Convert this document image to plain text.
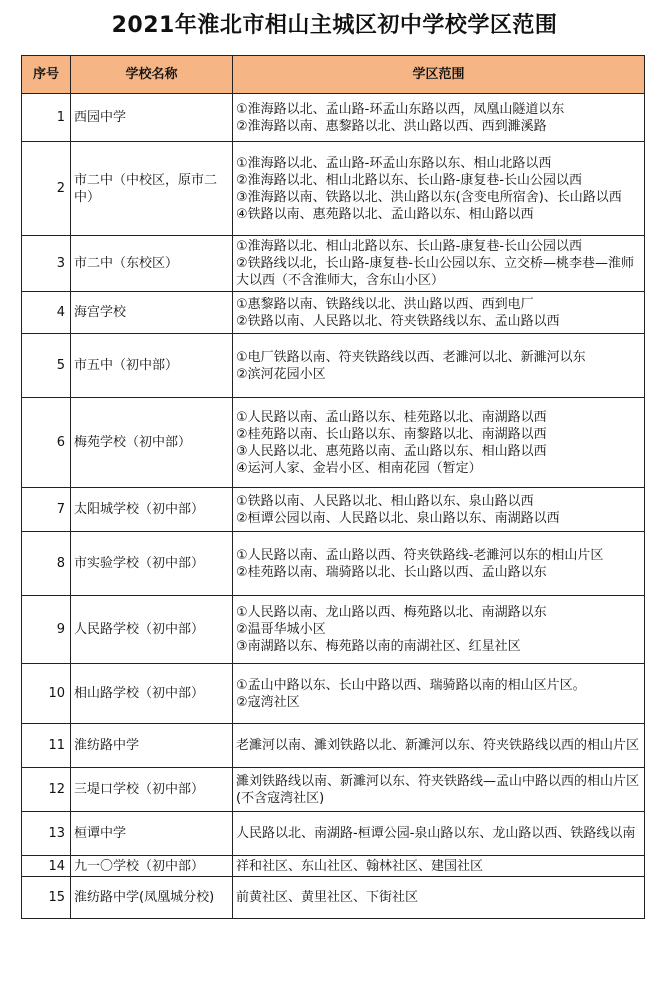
2021年淮北市相山主城区初中学校学区范围
序号	学校名称	学区范围
1	西园中学	①淮海路以北、孟山路-环孟山东路以西，凤凰山隧道以东
②淮海路以南、惠黎路以北、洪山路以西、西到濉溪路

2	市二中（中校区，原市二中）	①淮海路以北、孟山路-环孟山东路以东、相山北路以西
②淮海路以北、相山北路以东、长山路-康复巷-长山公园以西
③淮海路以南、铁路以北、洪山路以东(含变电所宿舍)、长山路以西
④铁路以南、惠苑路以北、孟山路以东、相山路以西

3	市二中（东校区）	①淮海路以北、相山北路以东、长山路-康复巷-长山公园以西
②铁路线以北，长山路-康复巷-长山公园以东、立交桥—桃李巷—淮师大以西（不含淮师大，含东山小区）

4	海宫学校	①惠黎路以南、铁路线以北、洪山路以西、西到电厂
②铁路以南、人民路以北、符夹铁路线以东、孟山路以西

5	市五中（初中部）	①电厂铁路以南、符夹铁路线以西、老濉河以北、新濉河以东
②滨河花园小区

6	梅苑学校（初中部）	①人民路以南、孟山路以东、桂苑路以北、南湖路以西
②桂苑路以南、长山路以东、南黎路以北、南湖路以西
③人民路以北、惠苑路以南、孟山路以东、相山路以西
④运河人家、金岩小区、相南花园（暂定）

7	太阳城学校（初中部）	①铁路以南、人民路以北、相山路以东、泉山路以西
②桓谭公园以南、人民路以北、泉山路以东、南湖路以西

8	市实验学校（初中部）	①人民路以南、孟山路以西、符夹铁路线-老濉河以东的相山片区
②桂苑路以南、瑞骑路以北、长山路以西、孟山路以东

9	人民路学校（初中部）	①人民路以南、龙山路以西、梅苑路以北、南湖路以东
②温哥华城小区
③南湖路以东、梅苑路以南的南湖社区、红星社区

10	相山路学校（初中部）	①孟山中路以东、长山中路以西、瑞骑路以南的相山区片区。
②寇湾社区

11	淮纺路中学	老濉河以南、濉刘铁路以北、新濉河以东、符夹铁路线以西的相山片区

12	三堤口学校（初中部）	濉刘铁路线以南、新濉河以东、符夹铁路线—孟山中路以西的相山片区(不含寇湾社区)

13	桓谭中学	人民路以北、南湖路-桓谭公园-泉山路以东、龙山路以西、铁路线以南

14	九一〇学校（初中部）	祥和社区、东山社区、翰林社区、建国社区

15	淮纺路中学(凤凰城分校)	前黄社区、黄里社区、下街社区
